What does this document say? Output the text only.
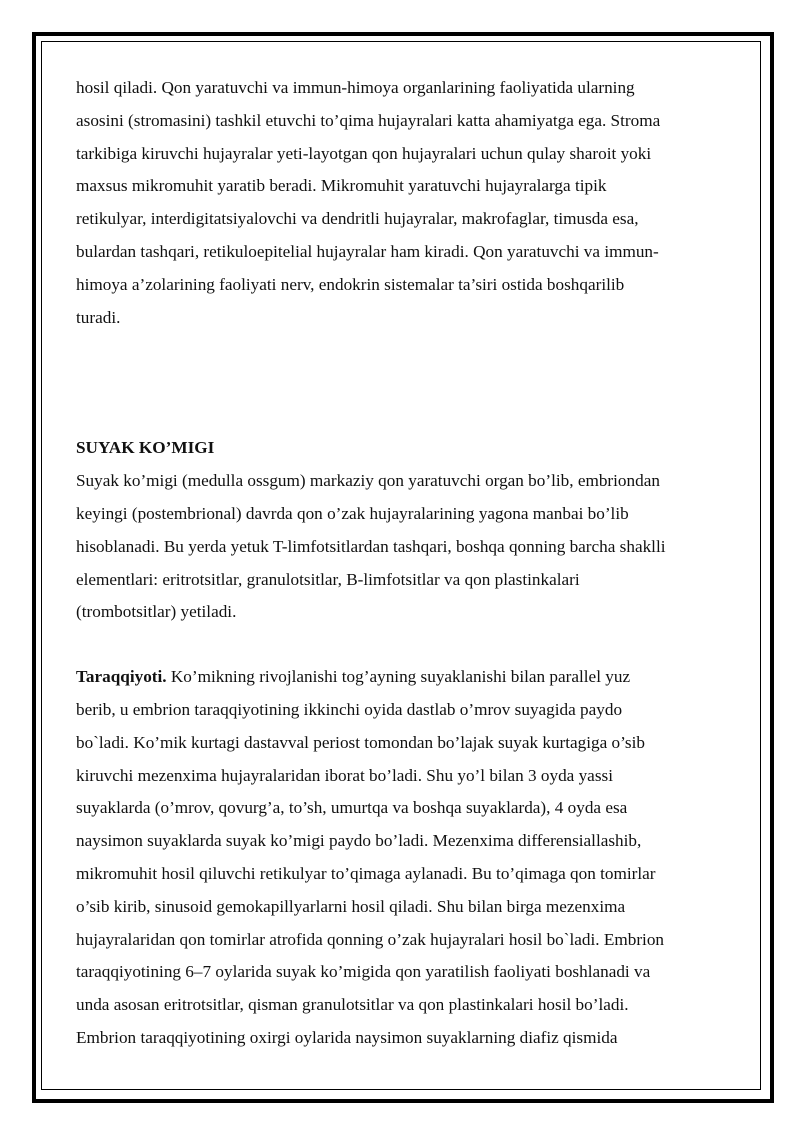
hosil qiladi. Qon yaratuvchi va immun-himoya organlarining faoliyatida ularning
asosini (stromasini) tashkil etuvchi to’qima hujayralari katta ahamiyatga ega. Stroma
tarkibiga kiruvchi hujayralar yeti-layotgan qon hujayralari uchun qulay sharoit yoki
maxsus mikromuhit yaratib beradi. Mikromuhit yaratuvchi hujayralarga tipik
retikulyar, interdigitatsiyalovchi va dendritli hujayralar, makrofaglar, timusda esa,
bulardan tashqari, retikuloepitelial hujayralar ham kiradi. Qon yaratuvchi va immun-
himoya a’zolarining faoliyati nerv, endokrin sistemalar ta’siri ostida boshqarilib
turadi.
SUYAK KO’MIGI
Suyak ko’migi (medulla ossgum) markaziy qon yaratuvchi organ bo’lib, embriondan
keyingi (postembrional) davrda qon o’zak hujayralarining yagona manbai bo’lib
hisoblanadi. Bu yerda yetuk T-limfotsitlardan tashqari, boshqa qonning barcha shaklli
elementlari: eritrotsitlar, granulotsitlar, B-limfotsitlar va qon plastinkalari
(trombotsitlar) yetiladi.
Taraqqiyoti. Ko’mikning rivojlanishi tog’ayning suyaklanishi bilan parallel yuz
berib, u embrion taraqqiyotining ikkinchi oyida dastlab o’mrov suyagida paydo
bo`ladi. Ko’mik kurtagi dastavval periost tomondan bo’lajak suyak kurtagiga o’sib
kiruvchi mezenxima hujayralaridan iborat bo’ladi. Shu yo’l bilan 3 oyda yassi
suyaklarda (o’mrov, qovurg’a, to’sh, umurtqa va boshqa suyaklarda), 4 oyda esa
naysimon suyaklarda suyak ko’migi paydo bo’ladi. Mezenxima differensiallashib,
mikromuhit hosil qiluvchi retikulyar to’qimaga aylanadi. Bu to’qimaga qon tomirlar
o’sib kirib, sinusoid gemokapillyarlarni hosil qiladi. Shu bilan birga mezenxima
hujayralaridan qon tomirlar atrofida qonning o’zak hujayralari hosil bo`ladi. Embrion
taraqqiyotining 6–7 oylarida suyak ko’migida qon yaratilish faoliyati boshlanadi va
unda asosan eritrotsitlar, qisman granulotsitlar va qon plastinkalari hosil bo’ladi.
Embrion taraqqiyotining oxirgi oylarida naysimon suyaklarning diafiz qismida
